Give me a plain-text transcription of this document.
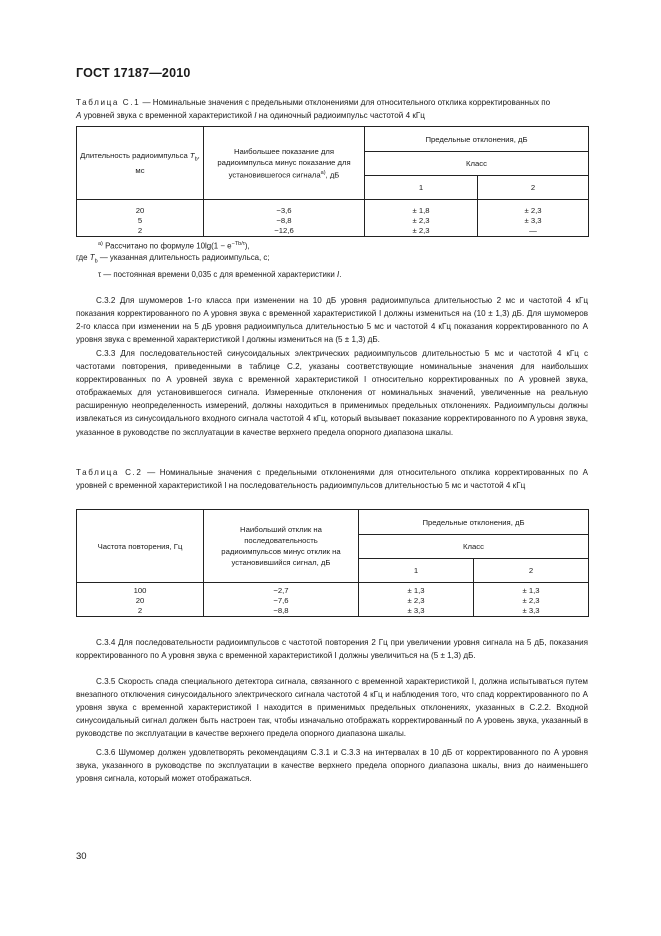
ГОСТ 17187—2010
Таблица С.1 — Номинальные значения с предельными отклонениями для относительного отклика корректированных по
A уровней звука с временной характеристикой I на одиночный радиоимпульс частотой 4 кГц
Длительность радиоимпульса $T_b$, мс	Наибольшее показание для радиоимпульса минус показание для установившегося сигнала$^{а)}$, дБ	Предельные отклонения, дБ	
		Класс	
		1	2

20	−3,6	± 1,8	± 2,3
5	−8,8	± 2,3	± 3,3
2	−12,6	± 2,3	—
$^{а)}$ Рассчитано по формуле $10\lg(1 - e^{-Tb/\tau})$,
где $T_b$ — указанная длительность радиоимпульса, с;
τ — постоянная времени 0,035 с для временной характеристики I.

С.3.2 Для шумомеров 1-го класса при изменении на 10 дБ уровня радиоимпульса длительностью 2 мс и частотой 4 кГц показания корректированного по A уровня звука с временной характеристикой I должны измениться на (10 ± 1,3) дБ. Для шумомеров 2-го класса при изменении на 5 дБ уровня радиоимпульса длительностью 5 мс и частотой 4 кГц показания корректированного по A уровня звука с временной характеристикой I должны измениться на (5 ± 1,3) дБ.

С.3.3 Для последовательностей синусоидальных электрических радиоимпульсов длительностью 5 мс и частотой 4 кГц с частотами повторения, приведенными в таблице С.2, указаны соответствующие номинальные значения для наибольших корректированных по A уровней звука с временной характеристикой I относительно корректированных по A уровней звука, отображаемых для установившегося сигнала. Измеренные отклонения от номинальных значений, увеличенные на реальную расширенную неопределенность измерений, должны находиться в применимых предельных отклонениях. Радиоимпульсы должны извлекаться из синусоидального входного сигнала частотой 4 кГц, который вызывает показание корректированного по A уровня звука, указанное в руководстве по эксплуатации в качестве верхнего предела опорного диапазона шкалы.

Таблица С.2 — Номинальные значения с предельными отклонениями для относительного отклика корректированных по A уровней с временной характеристикой I на последовательность радиоимпульсов длительностью 5 мс и частотой 4 кГц
Частота повторения, Гц	Наибольший отклик на последовательность радиоимпульсов минус отклик на установившийся сигнал, дБ	Предельные отклонения, дБ	
		Класс	
		1	2

100	−2,7	± 1,3	± 1,3
20	−7,6	± 2,3	± 2,3
2	−8,8	± 3,3	± 3,3

С.3.4 Для последовательности радиоимпульсов с частотой повторения 2 Гц при увеличении уровня сигнала на 5 дБ, показания корректированного по A уровня звука с временной характеристикой I должны увеличиться на (5 ± 1,3) дБ.

С.3.5 Скорость спада специального детектора сигнала, связанного с временной характеристикой I, должна испытываться путем внезапного отключения синусоидального электрического сигнала частотой 4 кГц и наблюдения того, что спад корректированного по A уровня звука с временной характеристикой I находится в применимых предельных отклонениях, указанных в С.2.2. Входной синусоидальный сигнал должен быть настроен так, чтобы изначально отображать корректированный по A уровень звука, указанный в руководстве по эксплуатации в качестве верхнего предела опорного диапазона шкалы.

С.3.6 Шумомер должен удовлетворять рекомендациям С.3.1 и С.3.3 на интервалах в 10 дБ от корректированного по A уровня звука, указанного в руководстве по эксплуатации в качестве верхнего предела опорного диапазона шкалы, вниз до наименьшего уровня сигнала, который может отображаться.

30
